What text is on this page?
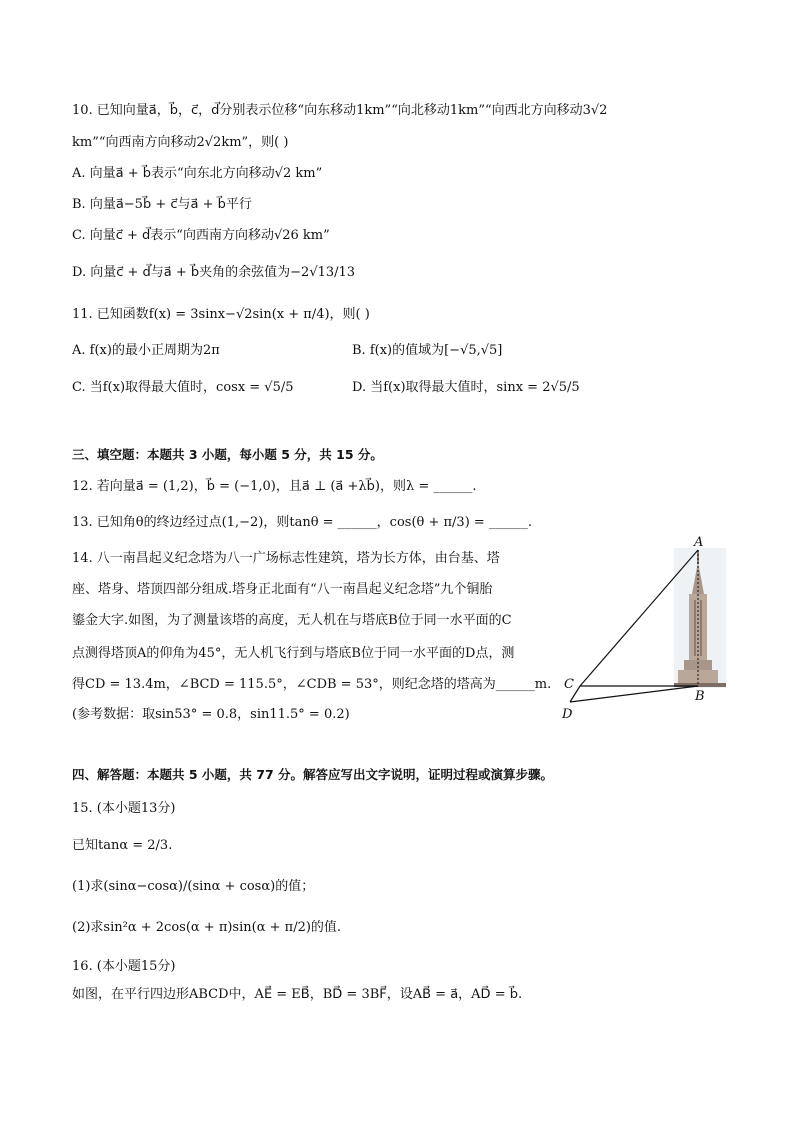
10. 已知向量a⃗，b⃗，c⃗，d⃗分别表示位移“向东移动1km”“向北移动1km”“向西北方向移动3√2
km”“向西南方向移动2√2km”，则( )
A. 向量a⃗ + b⃗表示“向东北方向移动√2 km”
B. 向量a⃗−5b⃗ + c⃗与a⃗ + b⃗平行
C. 向量c⃗ + d⃗表示“向西南方向移动√26 km”
D. 向量c⃗ + d⃗与a⃗ + b⃗夹角的余弦值为−2√13/13
11. 已知函数f(x) = 3sinx−√2sin(x + π/4)，则( )
A. f(x)的最小正周期为2π	B. f(x)的值域为[−√5,√5]
C. 当f(x)取得最大值时，cosx = √5/5	D. 当f(x)取得最大值时，sinx = 2√5/5
三、填空题：本题共 3 小题，每小题 5 分，共 15 分。
12. 若向量a⃗ = (1,2)，b⃗ = (−1,0)，且a⃗ ⊥ (a⃗ +λb⃗)，则λ = ______.
13. 已知角θ的终边经过点(1,−2)，则tanθ = ______，cos(θ + π/3) = ______.
14. 八一南昌起义纪念塔为八一广场标志性建筑，塔为长方体，由台基、塔
座、塔身、塔顶四部分组成.塔身正北面有“八一南昌起义纪念塔”九个铜胎
鎏金大字.如图，为了测量该塔的高度，无人机在与塔底B位于同一水平面的C
点测得塔顶A的仰角为45°，无人机飞行到与塔底B位于同一水平面的D点，测
得CD = 13.4m，∠BCD = 115.5°，∠CDB = 53°，则纪念塔的塔高为______m.
(参考数据：取sin53° = 0.8，sin11.5° = 0.2)
四、解答题：本题共 5 小题，共 77 分。解答应写出文字说明，证明过程或演算步骤。
15. (本小题13分)
已知tanα = 2/3.
(1)求(sinα−cosα)/(sinα + cosα)的值；
(2)求sin²α + 2cos(α + π)sin(α + π/2)的值.
16. (本小题15分)
如图，在平行四边形ABCD中，AE⃗ = EB⃗，BD⃗ = 3BF⃗，设AB⃗ = a⃗，AD⃗ = b⃗.
A
B
C
D
